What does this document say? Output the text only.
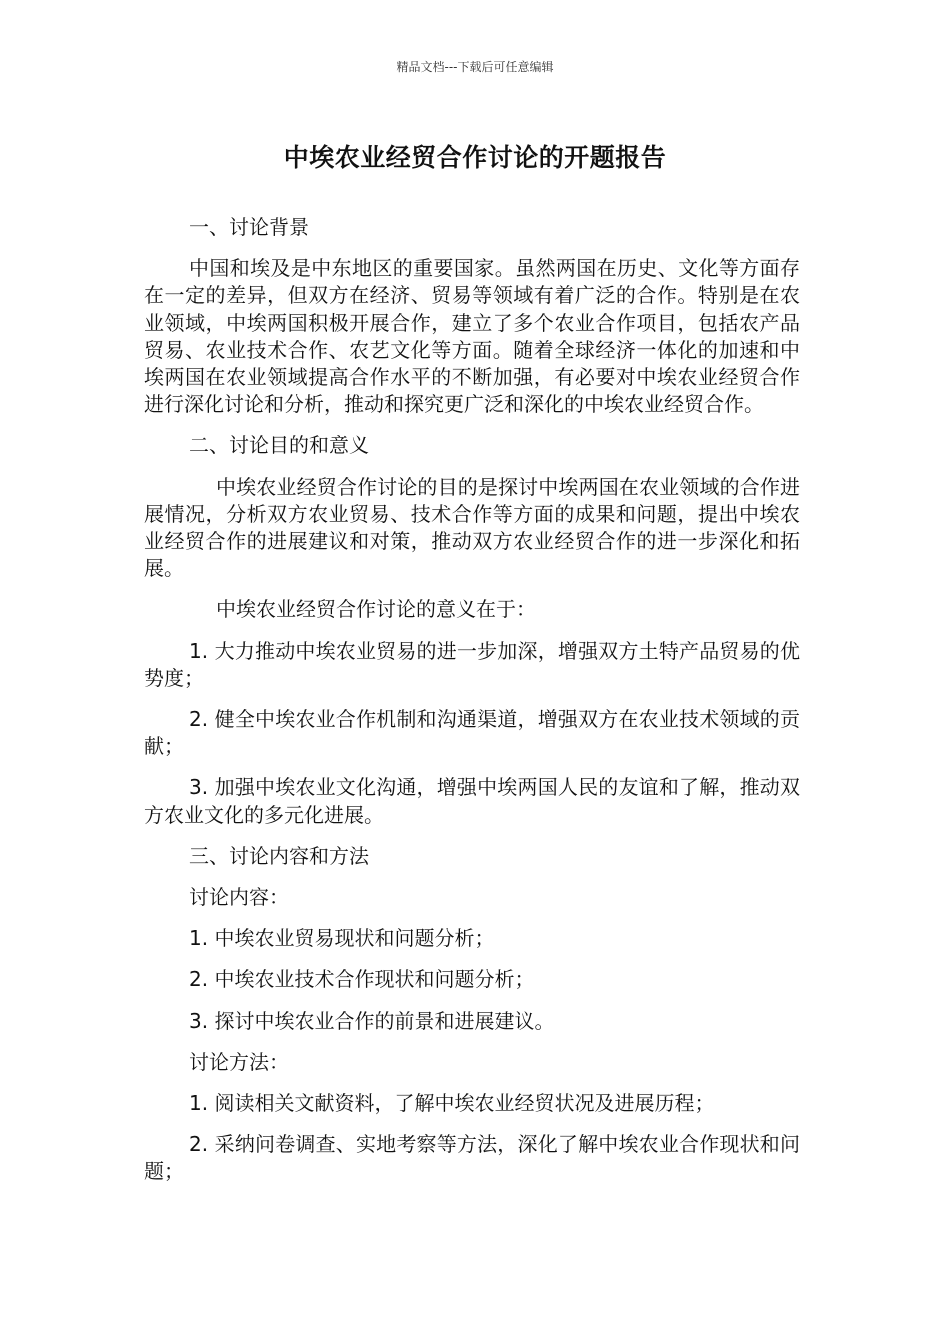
精品文档---下载后可任意编辑
中埃农业经贸合作讨论的开题报告
一、讨论背景
中国和埃及是中东地区的重要国家。虽然两国在历史、文化等方面存在一定的差异，但双方在经济、贸易等领域有着广泛的合作。特别是在农业领域，中埃两国积极开展合作，建立了多个农业合作项目，包括农产品贸易、农业技术合作、农艺文化等方面。随着全球经济一体化的加速和中埃两国在农业领域提高合作水平的不断加强，有必要对中埃农业经贸合作进行深化讨论和分析，推动和探究更广泛和深化的中埃农业经贸合作。
二、讨论目的和意义
中埃农业经贸合作讨论的目的是探讨中埃两国在农业领域的合作进展情况，分析双方农业贸易、技术合作等方面的成果和问题，提出中埃农业经贸合作的进展建议和对策，推动双方农业经贸合作的进一步深化和拓展。
中埃农业经贸合作讨论的意义在于：
1. 大力推动中埃农业贸易的进一步加深，增强双方土特产品贸易的优势度；
2. 健全中埃农业合作机制和沟通渠道，增强双方在农业技术领域的贡献；
3. 加强中埃农业文化沟通，增强中埃两国人民的友谊和了解，推动双方农业文化的多元化进展。
三、讨论内容和方法
讨论内容：
1. 中埃农业贸易现状和问题分析；
2. 中埃农业技术合作现状和问题分析；
3. 探讨中埃农业合作的前景和进展建议。
讨论方法：
1. 阅读相关文献资料，了解中埃农业经贸状况及进展历程；
2. 采纳问卷调查、实地考察等方法，深化了解中埃农业合作现状和问题；
